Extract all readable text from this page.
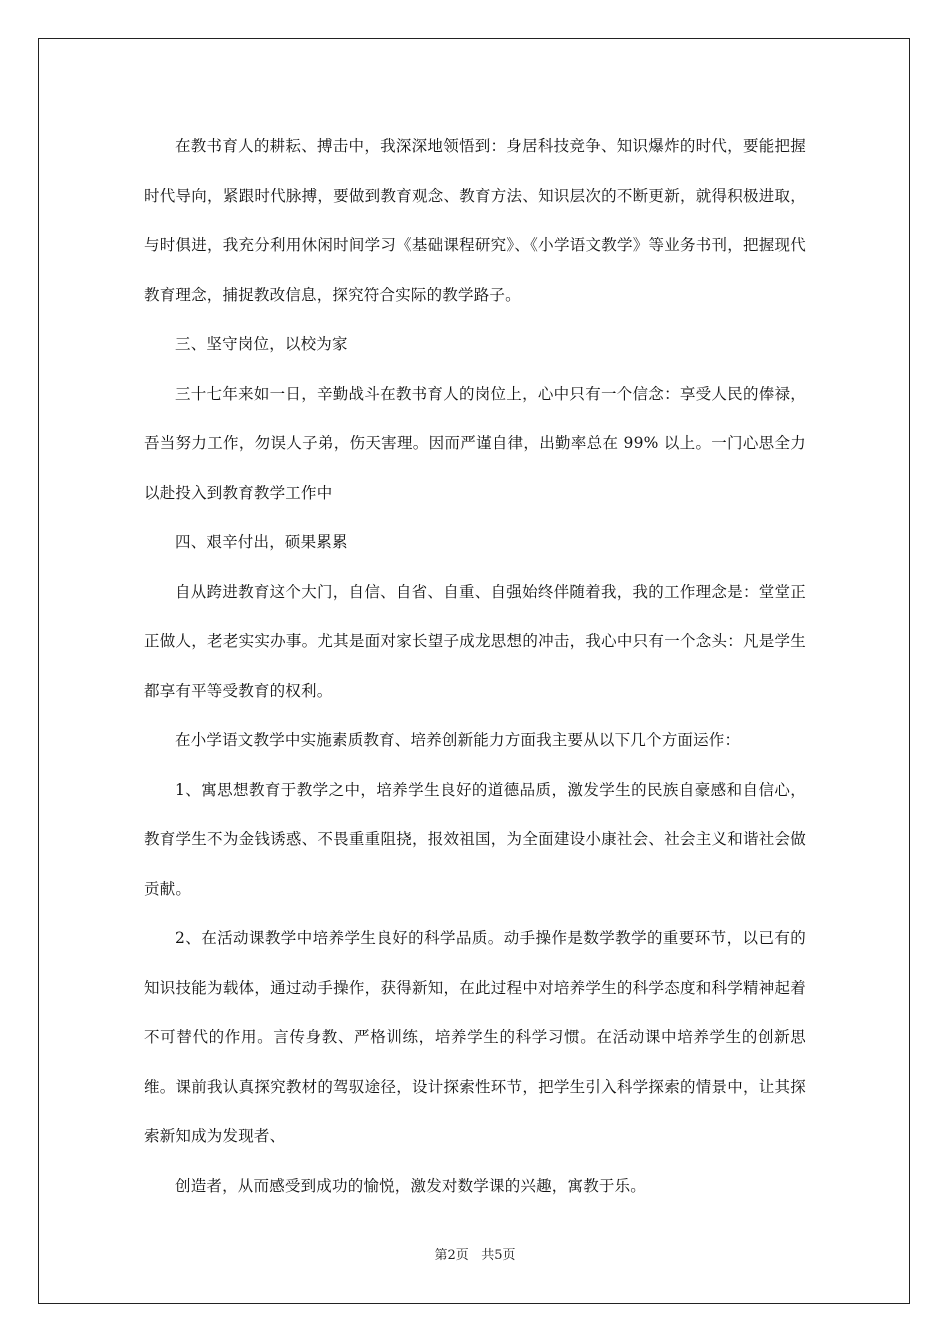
在教书育人的耕耘、搏击中，我深深地领悟到：身居科技竞争、知识爆炸的时代，要能把握时代导向，紧跟时代脉搏，要做到教育观念、教育方法、知识层次的不断更新，就得积极进取，与时俱进，我充分利用休闲时间学习《基础课程研究》、《小学语文教学》等业务书刊，把握现代教育理念，捕捉教改信息，探究符合实际的教学路子。

三、坚守岗位，以校为家

三十七年来如一日，辛勤战斗在教书育人的岗位上，心中只有一个信念：享受人民的俸禄，吾当努力工作，勿误人子弟，伤天害理。因而严谨自律，出勤率总在 99% 以上。一门心思全力以赴投入到教育教学工作中

四、艰辛付出，硕果累累

自从跨进教育这个大门，自信、自省、自重、自强始终伴随着我，我的工作理念是：堂堂正正做人，老老实实办事。尤其是面对家长望子成龙思想的冲击，我心中只有一个念头：凡是学生都享有平等受教育的权利。

在小学语文教学中实施素质教育、培养创新能力方面我主要从以下几个方面运作：

1、寓思想教育于教学之中，培养学生良好的道德品质，激发学生的民族自豪感和自信心，教育学生不为金钱诱惑、不畏重重阻挠，报效祖国，为全面建设小康社会、社会主义和谐社会做贡献。

2、在活动课教学中培养学生良好的科学品质。动手操作是数学教学的重要环节，以已有的知识技能为载体，通过动手操作，获得新知，在此过程中对培养学生的科学态度和科学精神起着不可替代的作用。言传身教、严格训练，培养学生的科学习惯。在活动课中培养学生的创新思维。课前我认真探究教材的驾驭途径，设计探索性环节，把学生引入科学探索的情景中，让其探索新知成为发现者、

创造者，从而感受到成功的愉悦，激发对数学课的兴趣，寓教于乐。

第2页 共5页
